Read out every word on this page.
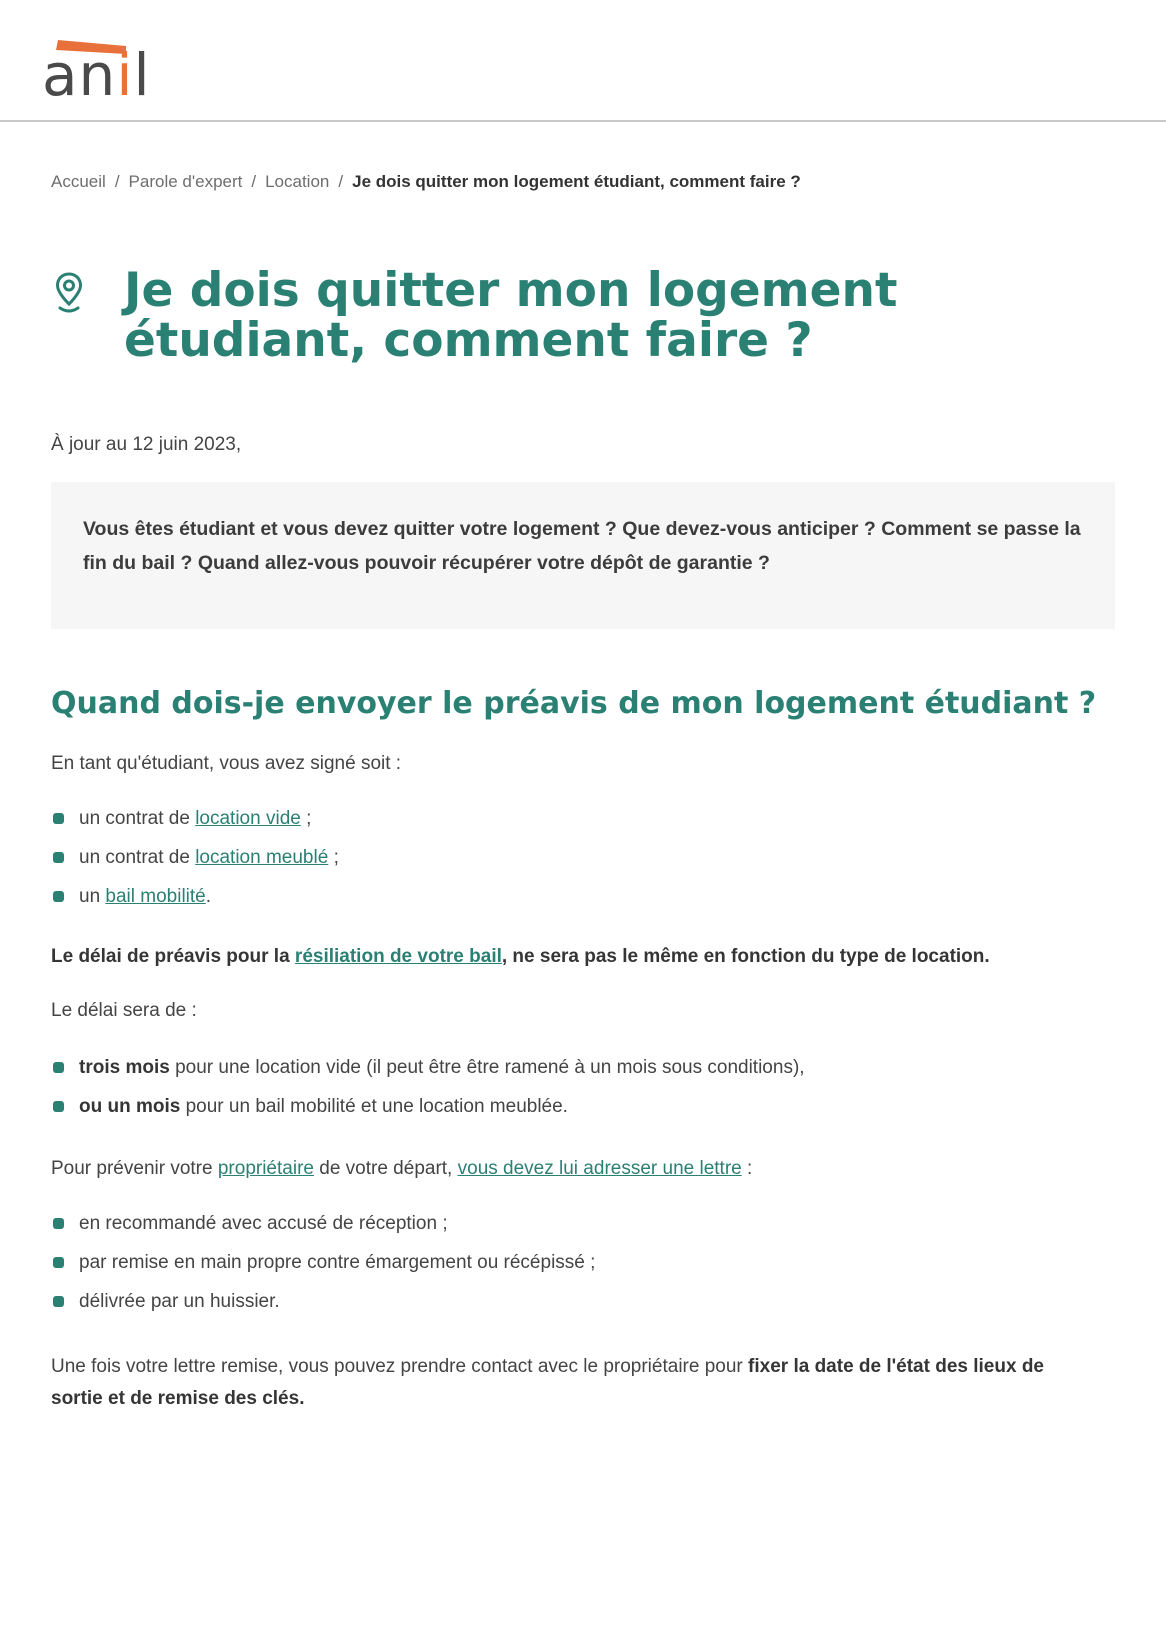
anil
Accueil / Parole d'expert / Location / Je dois quitter mon logement étudiant, comment faire ?
Je dois quitter mon logement étudiant, comment faire ?
À jour au 12 juin 2023,

Vous êtes étudiant et vous devez quitter votre logement ? Que devez-vous anticiper ? Comment se passe la fin du bail ? Quand allez-vous pouvoir récupérer votre dépôt de garantie ?

Quand dois-je envoyer le préavis de mon logement étudiant ?

En tant qu'étudiant, vous avez signé soit :

un contrat de location vide ;
un contrat de location meublé ;
un bail mobilité.

Le délai de préavis pour la résiliation de votre bail, ne sera pas le même en fonction du type de location.

Le délai sera de :

trois mois pour une location vide (il peut être être ramené à un mois sous conditions),
ou un mois pour un bail mobilité et une location meublée.

Pour prévenir votre propriétaire de votre départ, vous devez lui adresser une lettre :

en recommandé avec accusé de réception ;
par remise en main propre contre émargement ou récépissé ;
délivrée par un huissier.

Une fois votre lettre remise, vous pouvez prendre contact avec le propriétaire pour fixer la date de l'état des lieux de sortie et de remise des clés.
